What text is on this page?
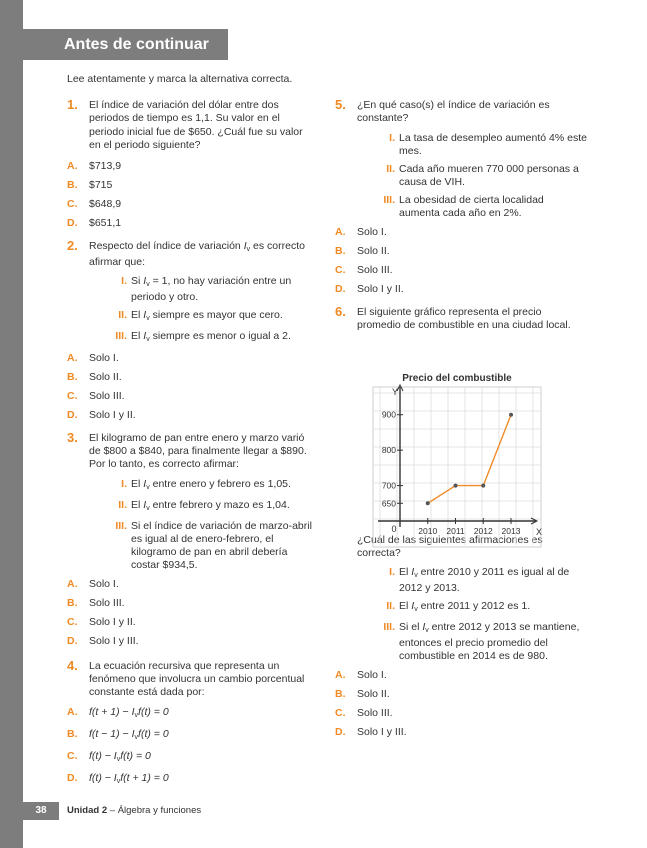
Antes de continuar
Lee atentamente y marca la alternativa correcta.
1. El índice de variación del dólar entre dos periodos de tiempo es 1,1. Su valor en el periodo inicial fue de $650. ¿Cuál fue su valor en el periodo siguiente?
A. $713,9
B. $715
C. $648,9
D. $651,1
2. Respecto del índice de variación $I_v$ es correcto afirmar que:
I. Si $I_v = 1$, no hay variación entre un periodo y otro.
II. El $I_v$ siempre es mayor que cero.
III. El $I_v$ siempre es menor o igual a 2.
A. Solo I.
B. Solo II.
C. Solo III.
D. Solo I y II.
3. El kilogramo de pan entre enero y marzo varió de $800 a $840, para finalmente llegar a $890. Por lo tanto, es correcto afirmar:
I. El $I_v$ entre enero y febrero es 1,05.
II. El $I_v$ entre febrero y mazo es 1,04.
III. Si el índice de variación de marzo-abril es igual al de enero-febrero, el kilogramo de pan en abril debería costar $934,5.
A. Solo I.
B. Solo III.
C. Solo I y II.
D. Solo I y III.
4. La ecuación recursiva que representa un fenómeno que involucra un cambio porcentual constante está dada por:
A. $f(t + 1) - I_vf(t) = 0$
B. $f(t - 1) - I_vf(t) = 0$
C. $f(t) - I_vf(t) = 0$
D. $f(t) - I_vf(t + 1) = 0$
5. ¿En qué caso(s) el índice de variación es constante?
I. La tasa de desempleo aumentó 4% este mes.
II. Cada año mueren 770 000 personas a causa de VIH.
III. La obesidad de cierta localidad aumenta cada año en 2%.
A. Solo I.
B. Solo II.
C. Solo III.
D. Solo I y II.
6. El siguiente gráfico representa el precio promedio de combustible en una ciudad local.
¿Cuál de las siguientes afirmaciones es correcta?
I. El $I_v$ entre 2010 y 2011 es igual al de 2012 y 2013.
II. El $I_v$ entre 2011 y 2012 es 1.
III. Si el $I_v$ entre 2012 y 2013 se mantiene, entonces el precio promedio del combustible en 2014 es de 980.
A. Solo I.
B. Solo II.
C. Solo III.
D. Solo I y III.
Precio del combustible
Y
X
0
900
800
700
650
2010 2011 2012 2013
38	Unidad 2 – Álgebra y funciones
